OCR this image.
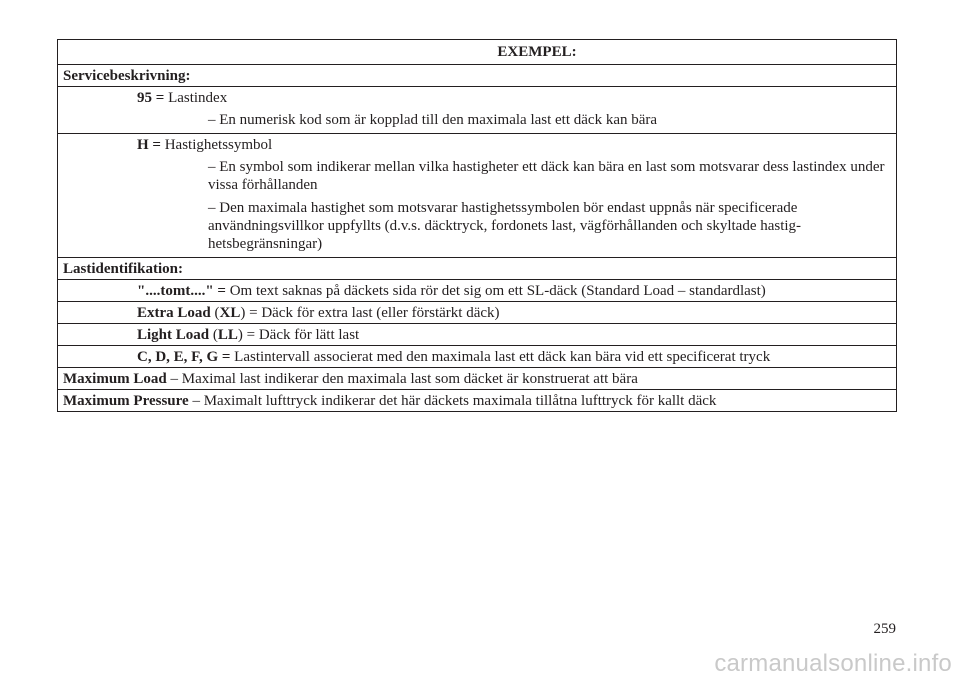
EXEMPEL:
Servicebeskrivning:
95 = Lastindex
– En numerisk kod som är kopplad till den maximala last ett däck kan bära
H = Hastighetssymbol
– En symbol som indikerar mellan vilka hastigheter ett däck kan bära en last som motsvarar dess lastindex under vissa förhållanden
– Den maximala hastighet som motsvarar hastighetssymbolen bör endast uppnås när specificerade användningsvillkor uppfyllts (d.v.s. däcktryck, fordonets last, vägförhållanden och skyltade hastig-hetsbegränsningar)
Lastidentifikation:
"....tomt...." = Om text saknas på däckets sida rör det sig om ett SL-däck (Standard Load – standardlast)
Extra Load (XL) = Däck för extra last (eller förstärkt däck)
Light Load (LL) = Däck för lätt last
C, D, E, F, G = Lastintervall associerat med den maximala last ett däck kan bära vid ett specificerat tryck
Maximum Load – Maximal last indikerar den maximala last som däcket är konstruerat att bära
Maximum Pressure – Maximalt lufttryck indikerar det här däckets maximala tillåtna lufttryck för kallt däck
259
carmanualsonline.info
